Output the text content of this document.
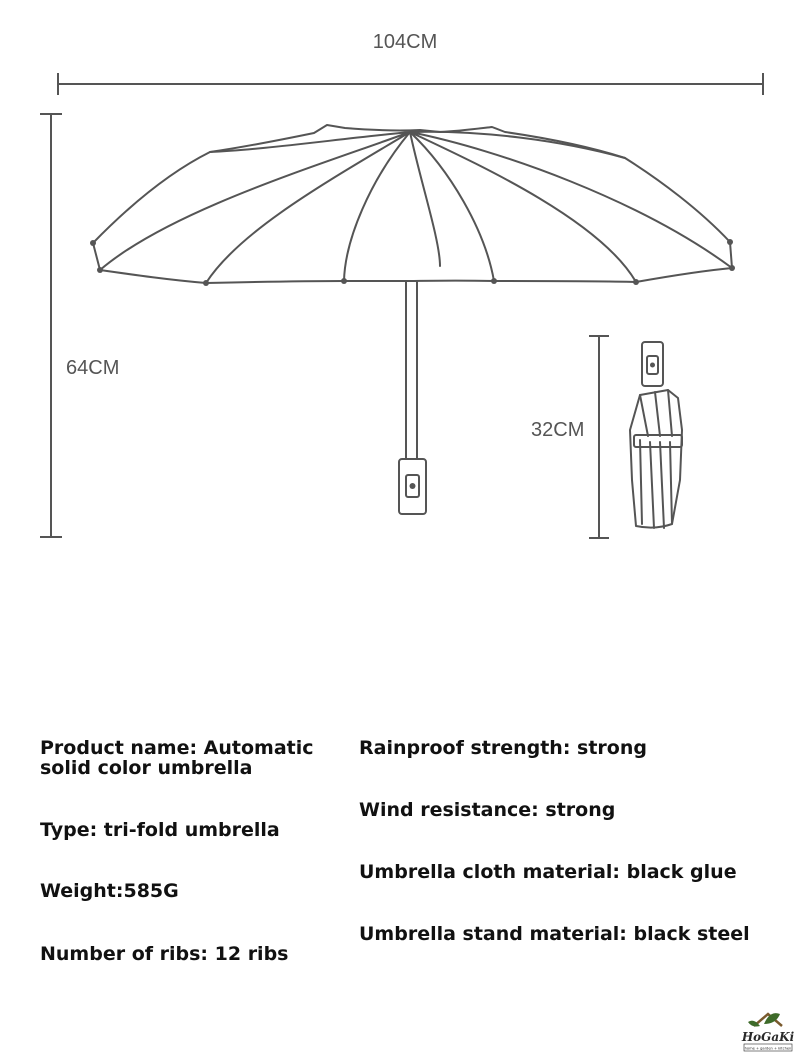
104CM
64CM
32CM

Product name: Automatic solid color umbrella

Type: tri-fold umbrella

Weight:585G

Number of ribs: 12 ribs

Rainproof strength: strong

Wind resistance: strong

Umbrella cloth material: black glue

Umbrella stand material: black steel

HoGaKi
home + garden + kitchen
